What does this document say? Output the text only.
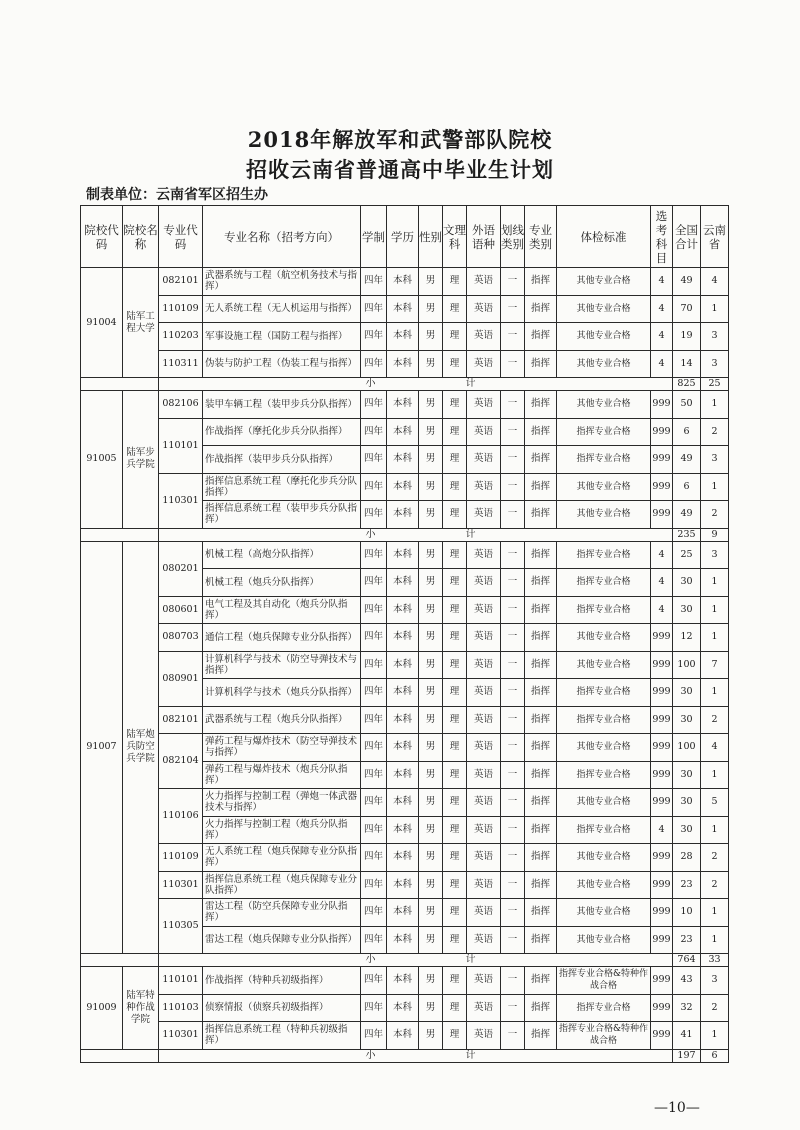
2018年解放军和武警部队院校
招收云南省普通高中毕业生计划
制表单位：云南省军区招生办
院校代码	院校名称	专业代码	专业名称（招考方向）	学制	学历	性别	文理科	外语语种	划线类别	专业类别	体检标准	选考科目	全国合计	云南省
91004	陆军工程大学	082101	武器系统与工程（航空机务技术与指挥）	四年	本科	男	理	英语	一	指挥	其他专业合格	4	49	4
		110109	无人系统工程（无人机运用与指挥）	四年	本科	男	理	英语	一	指挥	其他专业合格	4	70	1
		110203	军事设施工程（国防工程与指挥）	四年	本科	男	理	英语	一	指挥	其他专业合格	4	19	3
		110311	伪装与防护工程（伪装工程与指挥）	四年	本科	男	理	英语	一	指挥	其他专业合格	4	14	3
		小计											825	25
91005	陆军步兵学院	082106	装甲车辆工程（装甲步兵分队指挥）	四年	本科	男	理	英语	一	指挥	其他专业合格	999	50	1
		110101	作战指挥（摩托化步兵分队指挥）	四年	本科	男	理	英语	一	指挥	指挥专业合格	999	6	2
			作战指挥（装甲步兵分队指挥）	四年	本科	男	理	英语	一	指挥	指挥专业合格	999	49	3
		110301	指挥信息系统工程（摩托化步兵分队指挥）	四年	本科	男	理	英语	一	指挥	其他专业合格	999	6	1
			指挥信息系统工程（装甲步兵分队指挥）	四年	本科	男	理	英语	一	指挥	其他专业合格	999	49	2
		小计											235	9
91007	陆军炮兵防空兵学院	080201	机械工程（高炮分队指挥）	四年	本科	男	理	英语	一	指挥	指挥专业合格	4	25	3
			机械工程（炮兵分队指挥）	四年	本科	男	理	英语	一	指挥	指挥专业合格	4	30	1
		080601	电气工程及其自动化（炮兵分队指挥）	四年	本科	男	理	英语	一	指挥	指挥专业合格	4	30	1
		080703	通信工程（炮兵保障专业分队指挥）	四年	本科	男	理	英语	一	指挥	其他专业合格	999	12	1
		080901	计算机科学与技术（防空导弹技术与指挥）	四年	本科	男	理	英语	一	指挥	其他专业合格	999	100	7
			计算机科学与技术（炮兵分队指挥）	四年	本科	男	理	英语	一	指挥	指挥专业合格	999	30	1
		082101	武器系统与工程（炮兵分队指挥）	四年	本科	男	理	英语	一	指挥	指挥专业合格	999	30	2
		082104	弹药工程与爆炸技术（防空导弹技术与指挥）	四年	本科	男	理	英语	一	指挥	其他专业合格	999	100	4
			弹药工程与爆炸技术（炮兵分队指挥）	四年	本科	男	理	英语	一	指挥	指挥专业合格	999	30	1
		110106	火力指挥与控制工程（弹炮一体武器技术与指挥）	四年	本科	男	理	英语	一	指挥	其他专业合格	999	30	5
			火力指挥与控制工程（炮兵分队指挥）	四年	本科	男	理	英语	一	指挥	指挥专业合格	4	30	1
		110109	无人系统工程（炮兵保障专业分队指挥）	四年	本科	男	理	英语	一	指挥	其他专业合格	999	28	2
		110301	指挥信息系统工程（炮兵保障专业分队指挥）	四年	本科	男	理	英语	一	指挥	其他专业合格	999	23	2
		110305	雷达工程（防空兵保障专业分队指挥）	四年	本科	男	理	英语	一	指挥	其他专业合格	999	10	1
			雷达工程（炮兵保障专业分队指挥）	四年	本科	男	理	英语	一	指挥	其他专业合格	999	23	1
		小计											764	33
91009	陆军特种作战学院	110101	作战指挥（特种兵初级指挥）	四年	本科	男	理	英语	一	指挥	指挥专业合格&特种作战合格	999	43	3
		110103	侦察情报（侦察兵初级指挥）	四年	本科	男	理	英语	一	指挥	指挥专业合格	999	32	2
		110301	指挥信息系统工程（特种兵初级指挥）	四年	本科	男	理	英语	一	指挥	指挥专业合格&特种作战合格	999	41	1
		小计											197	6
—10—
